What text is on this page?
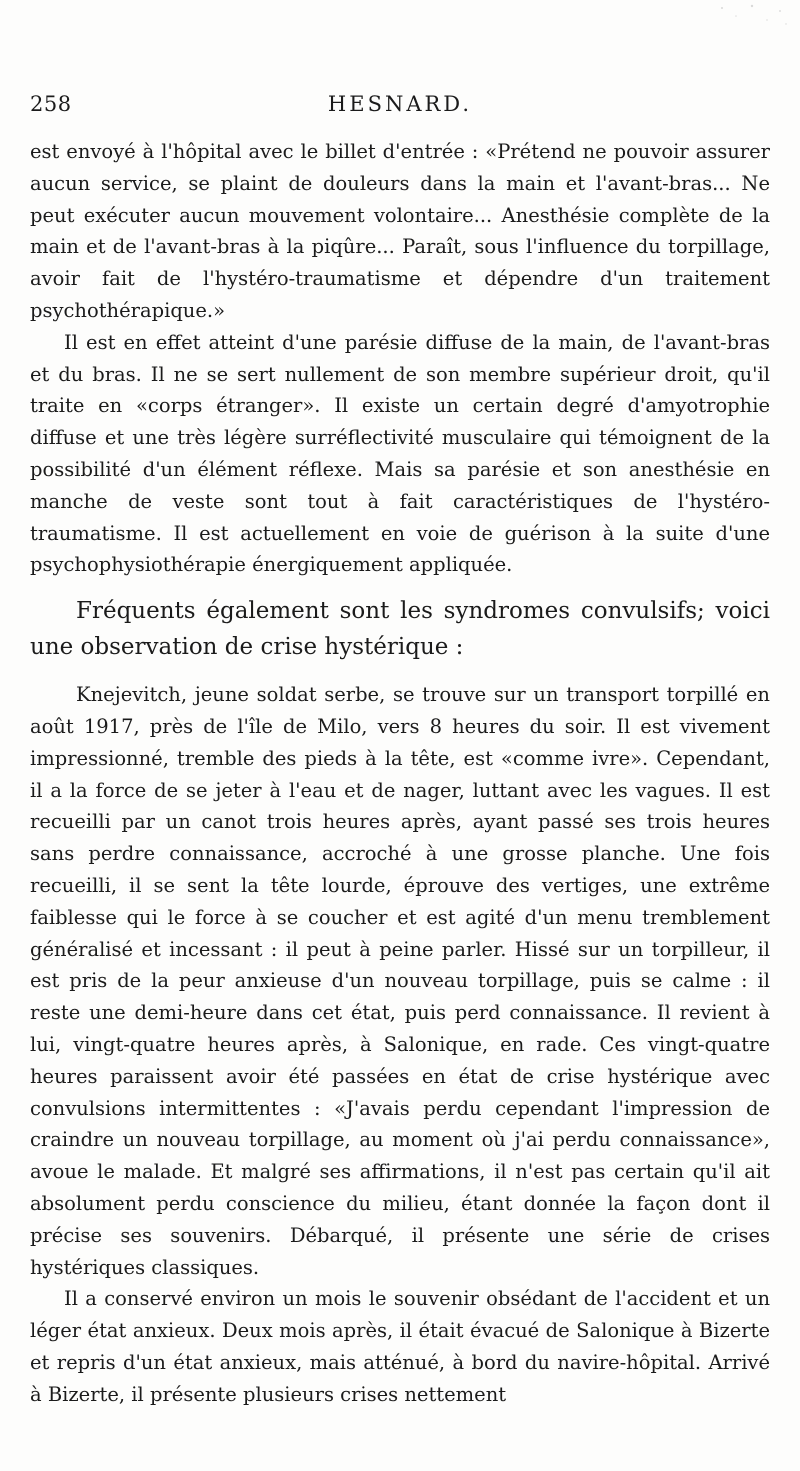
258	HESNARD.

est envoyé à l'hôpital avec le billet d'entrée : «Prétend ne pouvoir assurer aucun service, se plaint de douleurs dans la main et l'avant-bras... Ne peut exécuter aucun mouvement volontaire... Anesthésie complète de la main et de l'avant-bras à la piqûre... Paraît, sous l'influence du torpillage, avoir fait de l'hystéro-traumatisme et dépendre d'un traitement psychothérapique.»

Il est en effet atteint d'une parésie diffuse de la main, de l'avant-bras et du bras. Il ne se sert nullement de son membre supérieur droit, qu'il traite en «corps étranger». Il existe un certain degré d'amyotrophie diffuse et une très légère surréflectivité musculaire qui témoignent de la possibilité d'un élément réflexe. Mais sa parésie et son anesthésie en manche de veste sont tout à fait caractéristiques de l'hystéro-traumatisme. Il est actuellement en voie de guérison à la suite d'une psychophysiothérapie énergiquement appliquée.

Fréquents également sont les syndromes convulsifs; voici une observation de crise hystérique :

Knejevitch, jeune soldat serbe, se trouve sur un transport torpillé en août 1917, près de l'île de Milo, vers 8 heures du soir. Il est vivement impressionné, tremble des pieds à la tête, est «comme ivre». Cependant, il a la force de se jeter à l'eau et de nager, luttant avec les vagues. Il est recueilli par un canot trois heures après, ayant passé ses trois heures sans perdre connaissance, accroché à une grosse planche. Une fois recueilli, il se sent la tête lourde, éprouve des vertiges, une extrême faiblesse qui le force à se coucher et est agité d'un menu tremblement généralisé et incessant : il peut à peine parler. Hissé sur un torpilleur, il est pris de la peur anxieuse d'un nouveau torpillage, puis se calme : il reste une demi-heure dans cet état, puis perd connaissance. Il revient à lui, vingt-quatre heures après, à Salonique, en rade. Ces vingt-quatre heures paraissent avoir été passées en état de crise hystérique avec convulsions intermittentes : «J'avais perdu cependant l'impression de craindre un nouveau torpillage, au moment où j'ai perdu connaissance», avoue le malade. Et malgré ses affirmations, il n'est pas certain qu'il ait absolument perdu conscience du milieu, étant donnée la façon dont il précise ses souvenirs. Débarqué, il présente une série de crises hystériques classiques.

Il a conservé environ un mois le souvenir obsédant de l'accident et un léger état anxieux. Deux mois après, il était évacué de Salonique à Bizerte et repris d'un état anxieux, mais atténué, à bord du navire-hôpital. Arrivé à Bizerte, il présente plusieurs crises nettement
